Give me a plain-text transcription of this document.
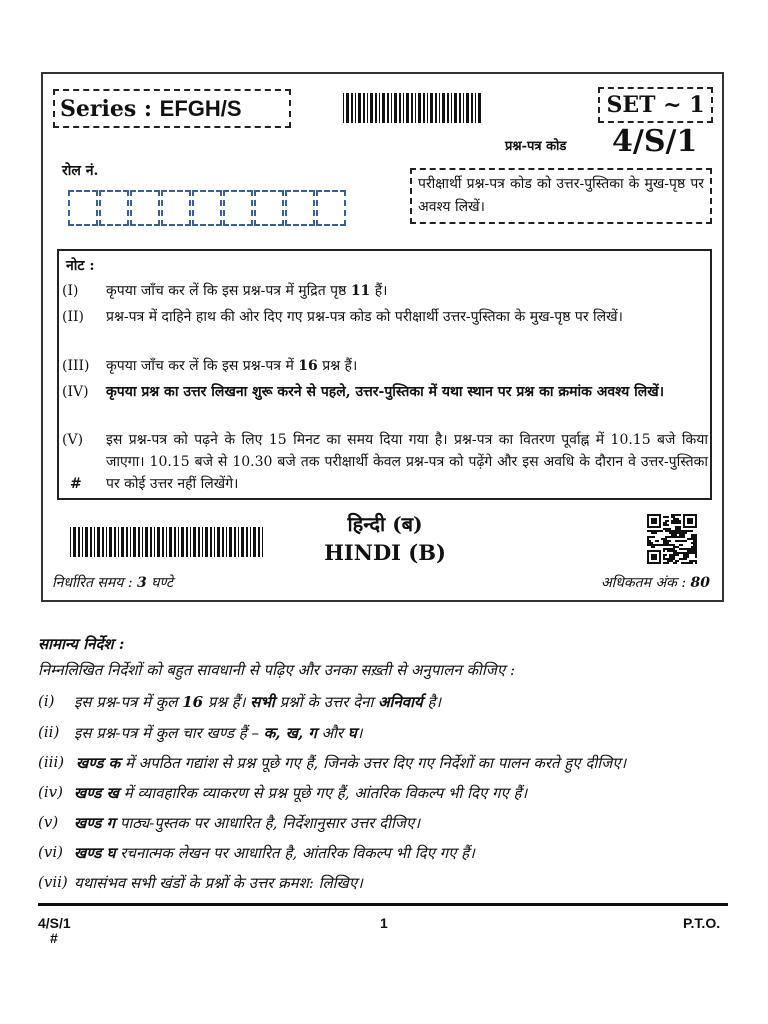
Series : EFGH/S	SET ~ 1
प्रश्न-पत्र कोड 4/S/1
रोल नं.
परीक्षार्थी प्रश्न-पत्र कोड को उत्तर-पुस्तिका के मुख-पृष्ठ पर अवश्य लिखें।
नोट :
(I) कृपया जाँच कर लें कि इस प्रश्न-पत्र में मुद्रित पृष्ठ 11 हैं।
(II) प्रश्न-पत्र में दाहिने हाथ की ओर दिए गए प्रश्न-पत्र कोड को परीक्षार्थी उत्तर-पुस्तिका के मुख-पृष्ठ पर लिखें।
(III) कृपया जाँच कर लें कि इस प्रश्न-पत्र में 16 प्रश्न हैं।
(IV) कृपया प्रश्न का उत्तर लिखना शुरू करने से पहले, उत्तर-पुस्तिका में यथा स्थान पर प्रश्न का क्रमांक अवश्य लिखें।
(V) इस प्रश्न-पत्र को पढ़ने के लिए 15 मिनट का समय दिया गया है। प्रश्न-पत्र का वितरण पूर्वाह्न में 10.15 बजे किया जाएगा। 10.15 बजे से 10.30 बजे तक परीक्षार्थी केवल प्रश्न-पत्र को पढ़ेंगे और इस अवधि के दौरान वे उत्तर-पुस्तिका पर कोई उत्तर नहीं लिखेंगे।
#
हिन्दी (ब)
HINDI (B)
निर्धारित समय : 3 घण्टे	अधिकतम अंक : 80
सामान्य निर्देश :
निम्नलिखित निर्देशों को बहुत सावधानी से पढ़िए और उनका सख़्ती से अनुपालन कीजिए :
(i) इस प्रश्न-पत्र में कुल 16 प्रश्न हैं। सभी प्रश्नों के उत्तर देना अनिवार्य है।
(ii) इस प्रश्न-पत्र में कुल चार खण्ड हैं – क, ख, ग और घ।
(iii) खण्ड क में अपठित गद्यांश से प्रश्न पूछे गए हैं, जिनके उत्तर दिए गए निर्देशों का पालन करते हुए दीजिए।
(iv) खण्ड ख में व्यावहारिक व्याकरण से प्रश्न पूछे गए हैं, आंतरिक विकल्प भी दिए गए हैं।
(v) खण्ड ग पाठ्य-पुस्तक पर आधारित है, निर्देशानुसार उत्तर दीजिए।
(vi) खण्ड घ रचनात्मक लेखन पर आधारित है, आंतरिक विकल्प भी दिए गए हैं।
(vii) यथासंभव सभी खंडों के प्रश्नों के उत्तर क्रमश: लिखिए।
4/S/1
#
1	P.T.O.
